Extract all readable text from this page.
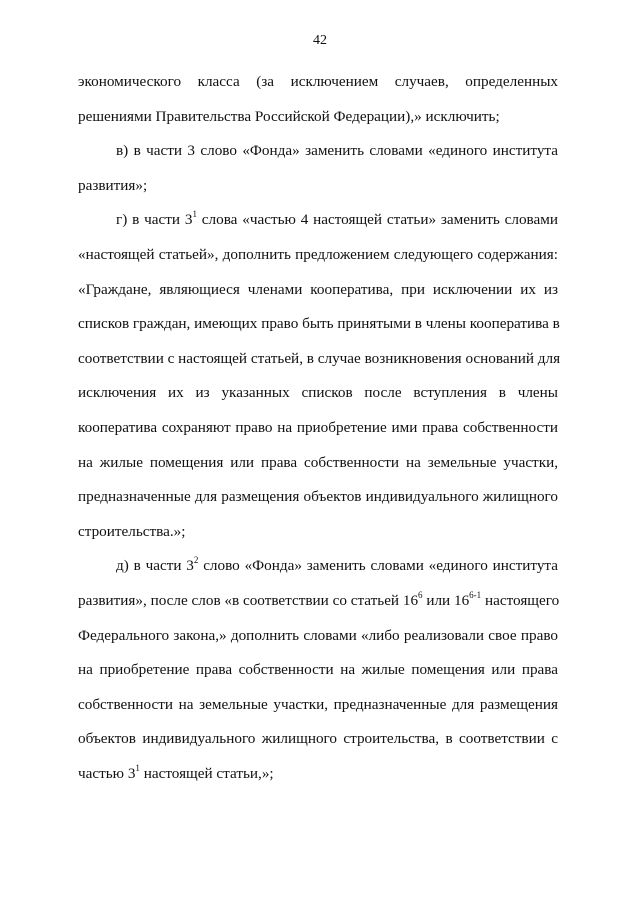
42
экономического класса (за исключением случаев, определенных
решениями Правительства Российской Федерации),» исключить;
в) в части 3 слово «Фонда» заменить словами «единого института
развития»;
г) в части $3^1$ слова «частью 4 настоящей статьи» заменить словами
«настоящей статьей», дополнить предложением следующего содержания:
«Граждане, являющиеся членами кооператива, при исключении их из
списков граждан, имеющих право быть принятыми в члены кооператива в
соответствии с настоящей статьей, в случае возникновения оснований для
исключения их из указанных списков после вступления в члены
кооператива сохраняют право на приобретение ими права собственности
на жилые помещения или права собственности на земельные участки,
предназначенные для размещения объектов индивидуального жилищного
строительства.»;
д) в части $3^2$ слово «Фонда» заменить словами «единого института
развития», после слов «в соответствии со статьей $16^6$ или 16$^{6-1}$ настоящего
Федерального закона,» дополнить словами «либо реализовали свое право
на приобретение права собственности на жилые помещения или права
собственности на земельные участки, предназначенные для размещения
объектов индивидуального жилищного строительства, в соответствии с
частью $3^1$ настоящей статьи,»;
